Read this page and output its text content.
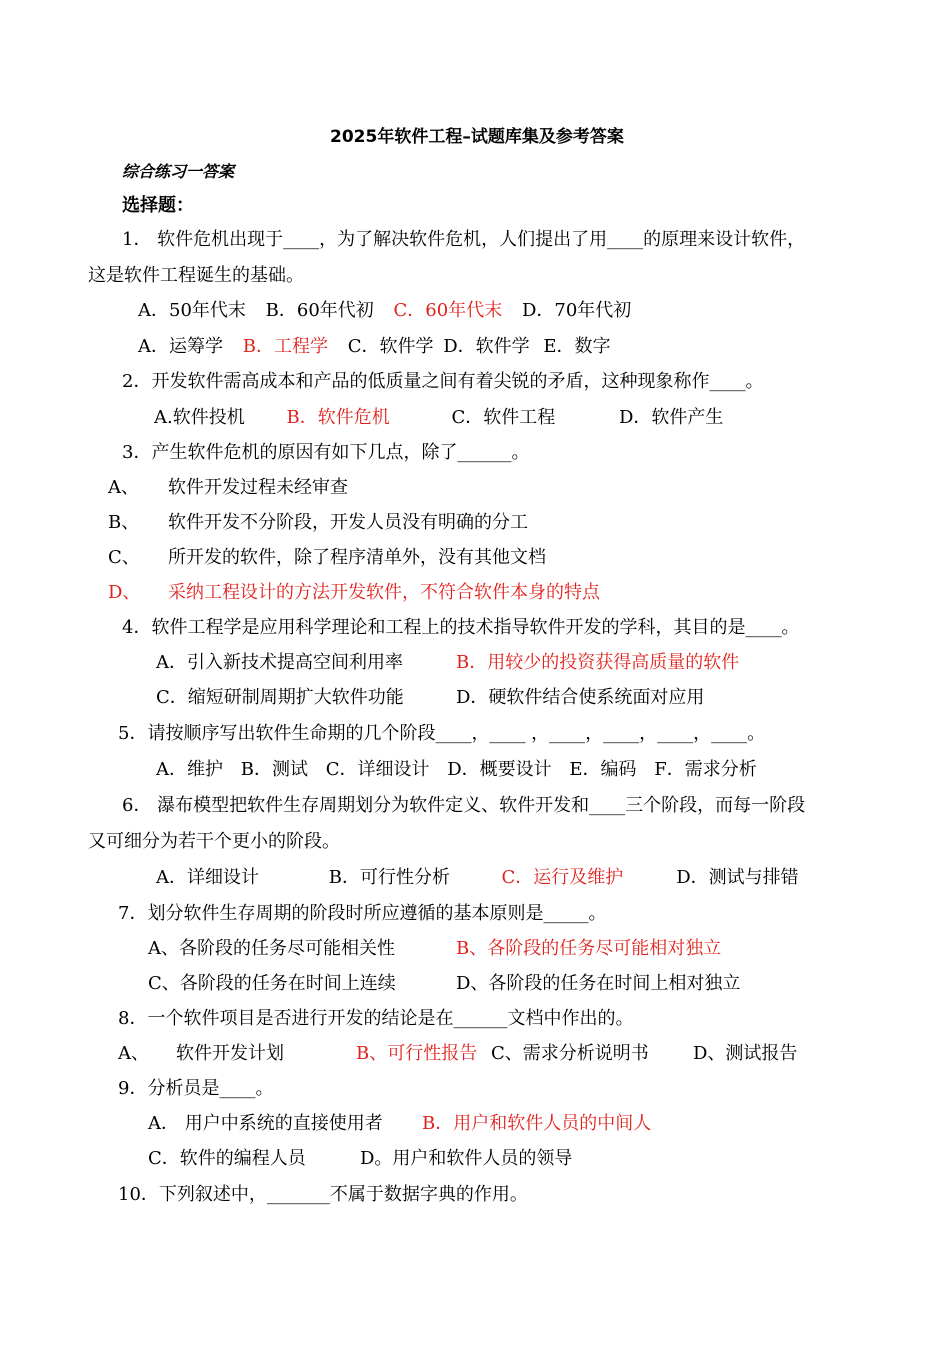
2025年软件工程–试题库集及参考答案
综合练习一答案
选择题：
1． 软件危机出现于____，为了解决软件危机，人们提出了用____的原理来设计软件，
这是软件工程诞生的基础。
A．50年代末 B．60年代初 C．60年代末 D．70年代初
A．运筹学 B．工程学 C．软件学 D．软件学 E．数字
2．开发软件需高成本和产品的低质量之间有着尖锐的矛盾，这种现象称作____。
A.软件投机 B．软件危机	C．软件工程	D．软件产生
3．产生软件危机的原因有如下几点，除了______。
A、 软件开发过程未经审查
B、 软件开发不分阶段，开发人员没有明确的分工
C、 所开发的软件，除了程序清单外，没有其他文档
D、 采纳工程设计的方法开发软件，不符合软件本身的特点
4．软件工程学是应用科学理论和工程上的技术指导软件开发的学科，其目的是____。
A．引入新技术提高空间利用率	B．用较少的投资获得高质量的软件
C．缩短研制周期扩大软件功能	D．硬软件结合使系统面对应用
5．请按顺序写出软件生命期的几个阶段____，____ ，____，____，____，____。
A．维护 B．测试 C．详细设计 D．概要设计 E．编码 F．需求分析
6． 瀑布模型把软件生存周期划分为软件定义、软件开发和____三个阶段，而每一阶段
又可细分为若干个更小的阶段。
A．详细设计	B．可行性分析	C．运行及维护	D．测试与排错
7．划分软件生存周期的阶段时所应遵循的基本原则是_____。
A、各阶段的任务尽可能相关性	B、各阶段的任务尽可能相对独立
C、各阶段的任务在时间上连续	D、各阶段的任务在时间上相对独立
8．一个软件项目是否进行开发的结论是在______文档中作出的。
A、 软件开发计划	B、可行性报告 C、需求分析说明书 D、测试报告
9．分析员是____。
A． 用户中系统的直接使用者 B．用户和软件人员的中间人
C．软件的编程人员	D。用户和软件人员的领导
10．下列叙述中，_______不属于数据字典的作用。
